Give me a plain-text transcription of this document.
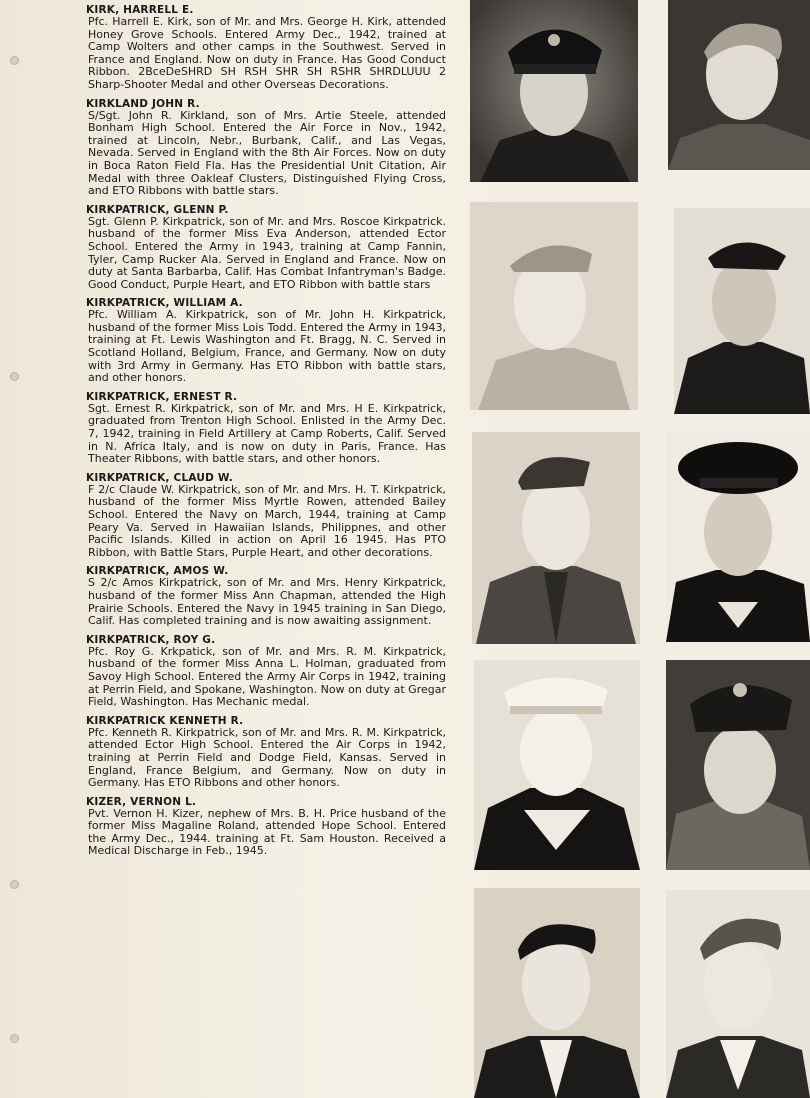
KIRK, HARRELL E.

Pfc. Harrell E. Kirk, son of Mr. and Mrs. George H. Kirk, attended Honey Grove Schools. Entered Army Dec., 1942, trained at Camp Wolters and other camps in the Southwest. Served in France and England. Now on duty in France. Has Good Conduct Ribbon. 2BceDeSHRD SH RSH SHR SH RSHR SHRDLUUU 2 Sharp-Shooter Medal and other Overseas Decorations.

KIRKLAND JOHN R.

S/Sgt. John R. Kirkland, son of Mrs. Artie Steele, attended Bonham High School. Entered the Air Force in Nov., 1942, trained at Lincoln, Nebr., Burbank, Calif., and Las Vegas, Nevada. Served in England with the 8th Air Forces. Now on duty in Boca Raton Field Fla. Has the Presidential Unit Citation, Air Medal with three Oakleaf Clusters, Distinguished Flying Cross, and ETO Ribbons with battle stars.

KIRKPATRICK, GLENN P.

Sgt. Glenn P. Kirkpatrick, son of Mr. and Mrs. Roscoe Kirkpatrick. husband of the former Miss Eva Anderson, attended Ector School. Entered the Army in 1943, training at Camp Fannin, Tyler, Camp Rucker Ala. Served in England and France. Now on duty at Santa Barbarba, Calif. Has Combat Infantryman's Badge. Good Conduct, Purple Heart, and ETO Ribbon with battle stars

KIRKPATRICK, WILLIAM A.

Pfc. William A. Kirkpatrick, son of Mr. John H. Kirkpatrick, husband of the former Miss Lois Todd. Entered the Army in 1943, training at Ft. Lewis Washington and Ft. Bragg, N. C. Served in Scotland Holland, Belgium, France, and Germany. Now on duty with 3rd Army in Germany. Has ETO Ribbon with battle stars, and other honors.

KIRKPATRICK, ERNEST R.

Sgt. Ernest R. Kirkpatrick, son of Mr. and Mrs. H E. Kirkpatrick, graduated from Trenton High School. Enlisted in the Army Dec. 7, 1942, training in Field Artillery at Camp Roberts, Calif. Served in N. Africa Italy, and is now on duty in Paris, France. Has Theater Ribbons, with battle stars, and other honors.

KIRKPATRICK, CLAUD W.

F 2/c Claude W. Kirkpatrick, son of Mr. and Mrs. H. T. Kirkpatrick, husband of the former Miss Myrtle Rowen, attended Bailey School. Entered the Navy on March, 1944, training at Camp Peary Va. Served in Hawaiian Islands, Philippnes, and other Pacific Islands. Killed in action on April 16 1945. Has PTO Ribbon, with Battle Stars, Purple Heart, and other decorations.

KIRKPATRICK, AMOS W.

S 2/c Amos Kirkpatrick, son of Mr. and Mrs. Henry Kirkpatrick, husband of the former Miss Ann Chapman, attended the High Prairie Schools. Entered the Navy in 1945 training in San Diego, Calif. Has completed training and is now awaiting assignment.

KIRKPATRICK, ROY G.

Pfc. Roy G. Krkpatick, son of Mr. and Mrs. R. M. Kirkpatrick, husband of the former Miss Anna L. Holman, graduated from Savoy High School. Entered the Army Air Corps in 1942, training at Perrin Field, and Spokane, Washington. Now on duty at Gregar Field, Washington. Has Mechanic medal.

KIRKPATRICK KENNETH R.

Pfc. Kenneth R. Kirkpatrick, son of Mr. and Mrs. R. M. Kirkpatrick, attended Ector High School. Entered the Air Corps in 1942, training at Perrin Field and Dodge Field, Kansas. Served in England, France Belgium, and Germany. Now on duty in Germany. Has ETO Ribbons and other honors.

KIZER, VERNON L.

Pvt. Vernon H. Kizer, nephew of Mrs. B. H. Price husband of the former Miss Magaline Roland, attended Hope School. Entered the Army Dec., 1944. training at Ft. Sam Houston. Received a Medical Discharge in Feb., 1945.
